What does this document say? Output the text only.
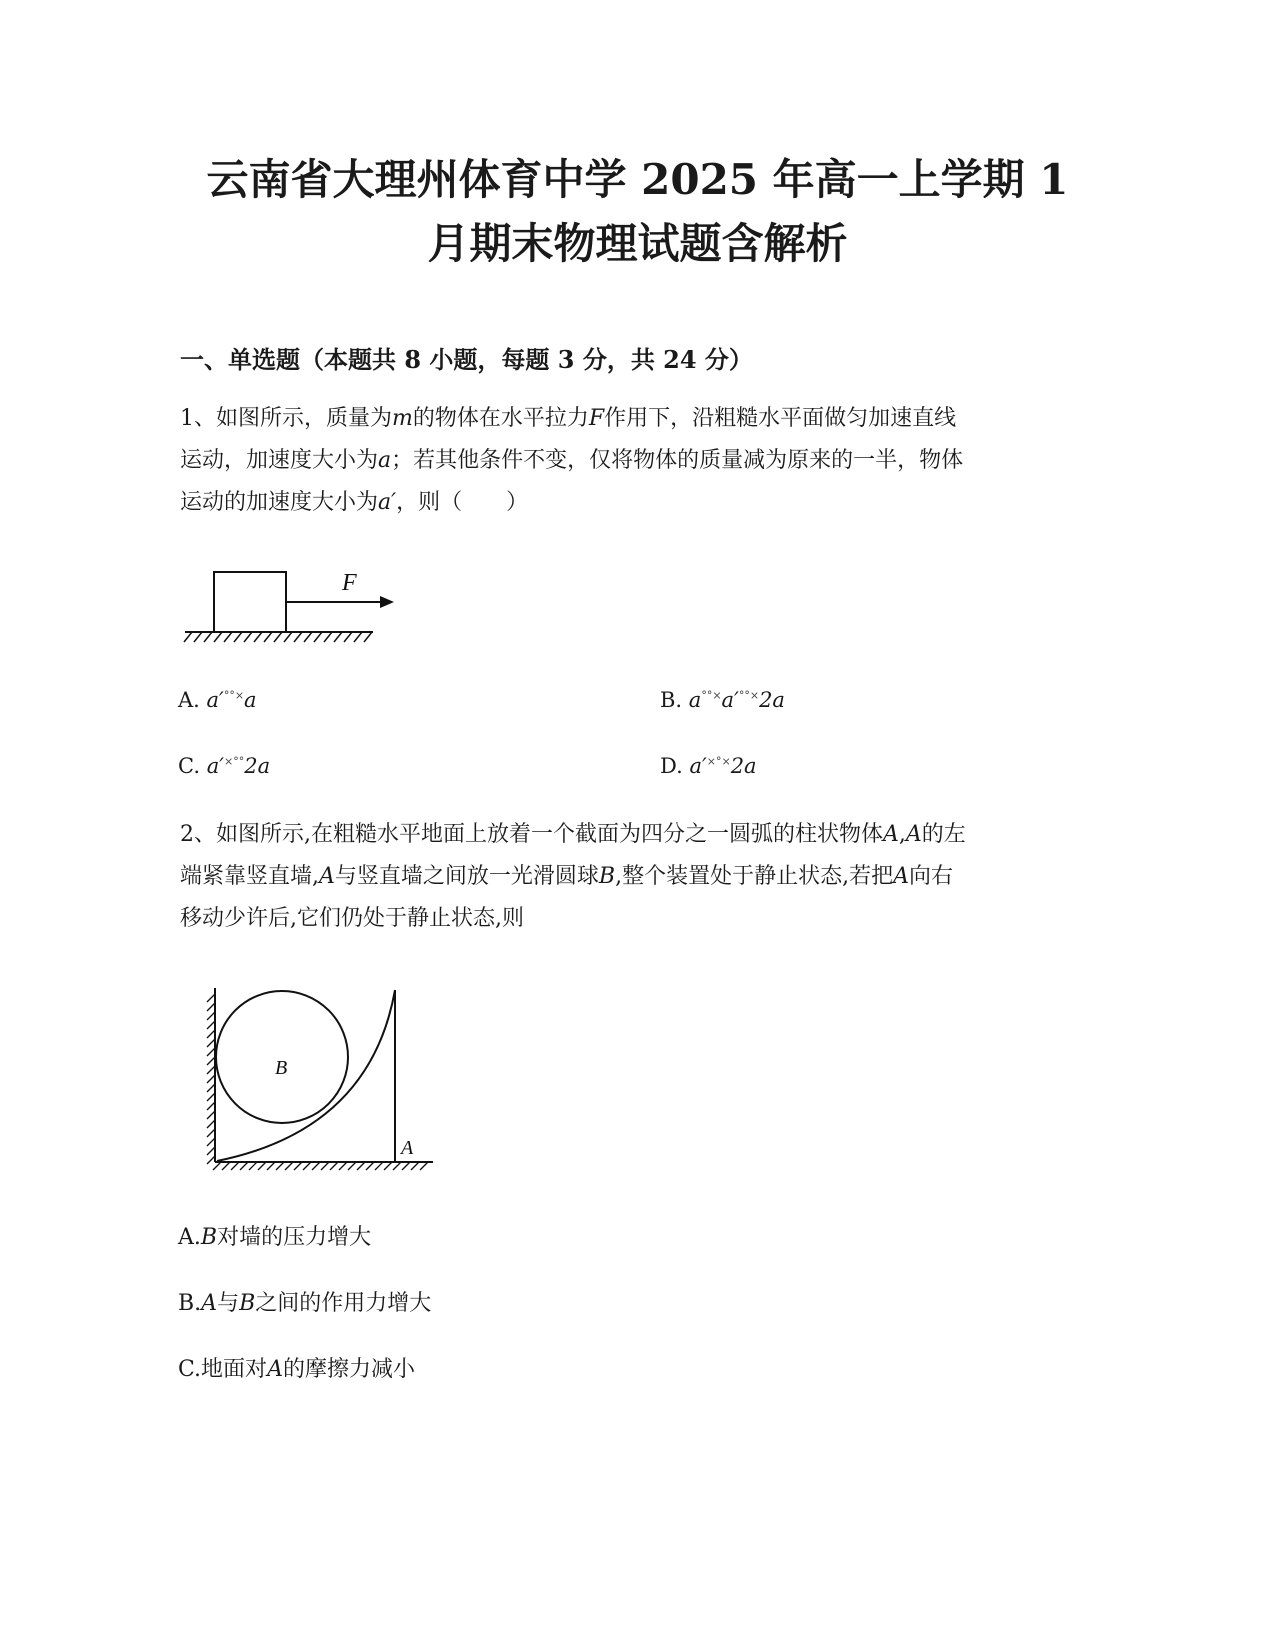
云南省大理州体育中学 2025 年高一上学期 1
月期末物理试题含解析
一、单选题（本题共 8 小题，每题 3 分，共 24 分）
1、如图所示，质量为m的物体在水平拉力F作用下，沿粗糙水平面做匀加速直线
运动，加速度大小为a；若其他条件不变，仅将物体的质量减为原来的一半，物体
运动的加速度大小为a′，则（　　）
F
A. a′°°×a	B. a°°×a′°°×2a
C. a′×°°2a	D. a′×°×2a
2、如图所示,在粗糙水平地面上放着一个截面为四分之一圆弧的柱状物体A,A的左
端紧靠竖直墙,A与竖直墙之间放一光滑圆球B,整个装置处于静止状态,若把A向右
移动少许后,它们仍处于静止状态,则
B
A
A.B对墙的压力增大
B.A与B之间的作用力增大
C.地面对A的摩擦力减小
